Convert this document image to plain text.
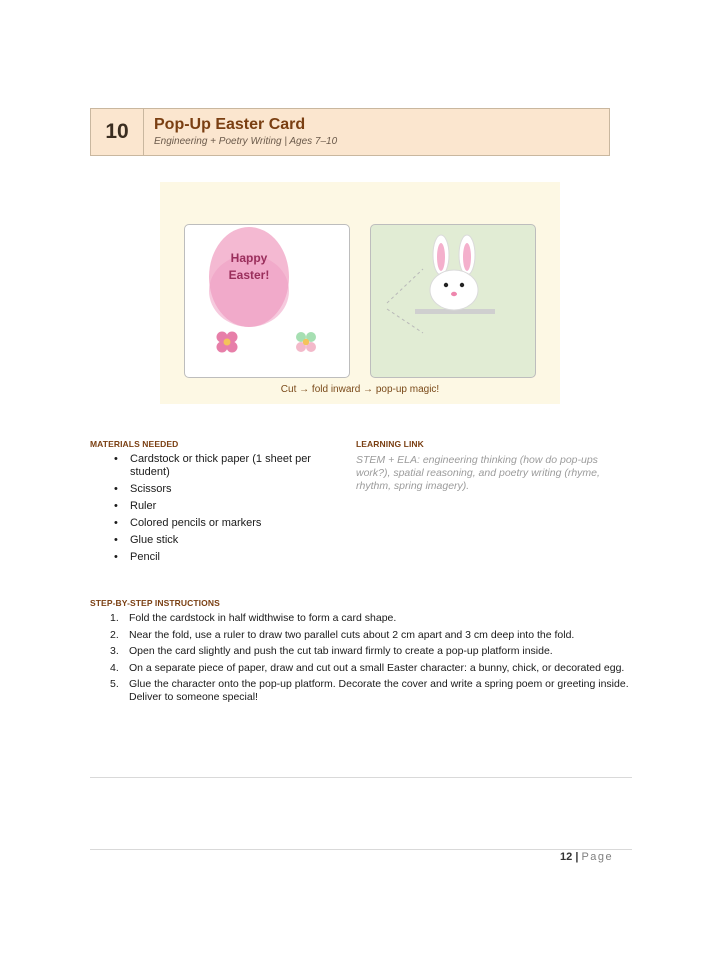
10	Pop-Up Easter Card
Engineering + Poetry Writing | Ages 7–10
Happy
Easter!
Cut → fold inward → pop-up magic!
MATERIALS NEEDED
• Cardstock or thick paper (1 sheet per student)
• Scissors
• Ruler
• Colored pencils or markers
• Glue stick
• Pencil
LEARNING LINK
STEM + ELA: engineering thinking (how do pop-ups work?), spatial reasoning, and poetry writing (rhyme, rhythm, spring imagery).
STEP-BY-STEP INSTRUCTIONS
1. Fold the cardstock in half widthwise to form a card shape.
2. Near the fold, use a ruler to draw two parallel cuts about 2 cm apart and 3 cm deep into the fold.
3. Open the card slightly and push the cut tab inward firmly to create a pop-up platform inside.
4. On a separate piece of paper, draw and cut out a small Easter character: a bunny, chick, or decorated egg.
5. Glue the character onto the pop-up platform. Decorate the cover and write a spring poem or greeting inside. Deliver to someone special!
12 | Page
